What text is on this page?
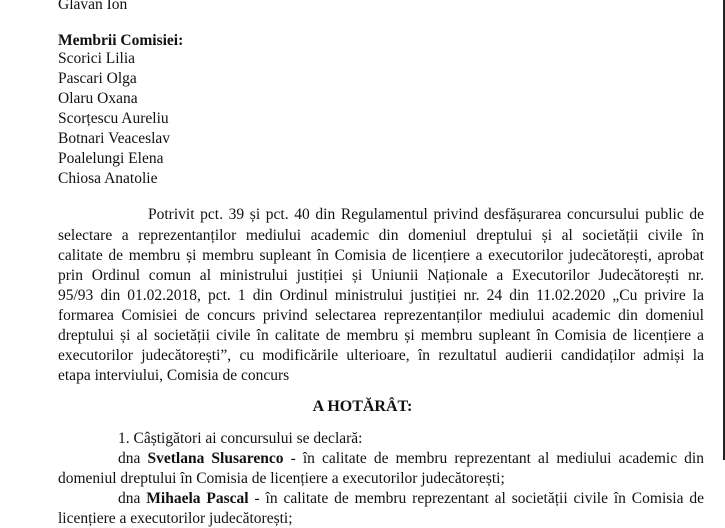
Glavan Ion
Membrii Comisiei:
Scorici Lilia
Pascari Olga
Olaru Oxana
Scorțescu Aureliu
Botnari Veaceslav
Poalelungi Elena
Chiosa Anatolie
Potrivit pct. 39 și pct. 40 din Regulamentul privind desfășurarea concursului public de
selectare a reprezentanților mediului academic din domeniul dreptului și al societății civile în
calitate de membru și membru supleant în Comisia de licențiere a executorilor judecătorești, aprobat
prin Ordinul comun al ministrului justiției și Uniunii Naționale a Executorilor Judecătorești nr.
95/93 din 01.02.2018, pct. 1 din Ordinul ministrului justiției nr. 24 din 11.02.2020 „Cu privire la
formarea Comisiei de concurs privind selectarea reprezentanților mediului academic din domeniul
dreptului și al societății civile în calitate de membru și membru supleant în Comisia de licențiere a
executorilor judecătorești”, cu modificările ulterioare, în rezultatul audierii candidaților admiși la
etapa interviului, Comisia de concurs
A HOTĂRÂT:
1. Câștigători ai concursului se declară:
dna Svetlana Slusarenco - în calitate de membru reprezentant al mediului academic din
domeniul dreptului în Comisia de licențiere a executorilor judecătorești;
dna Mihaela Pascal - în calitate de membru reprezentant al societății civile în Comisia de
licențiere a executorilor judecătorești;
